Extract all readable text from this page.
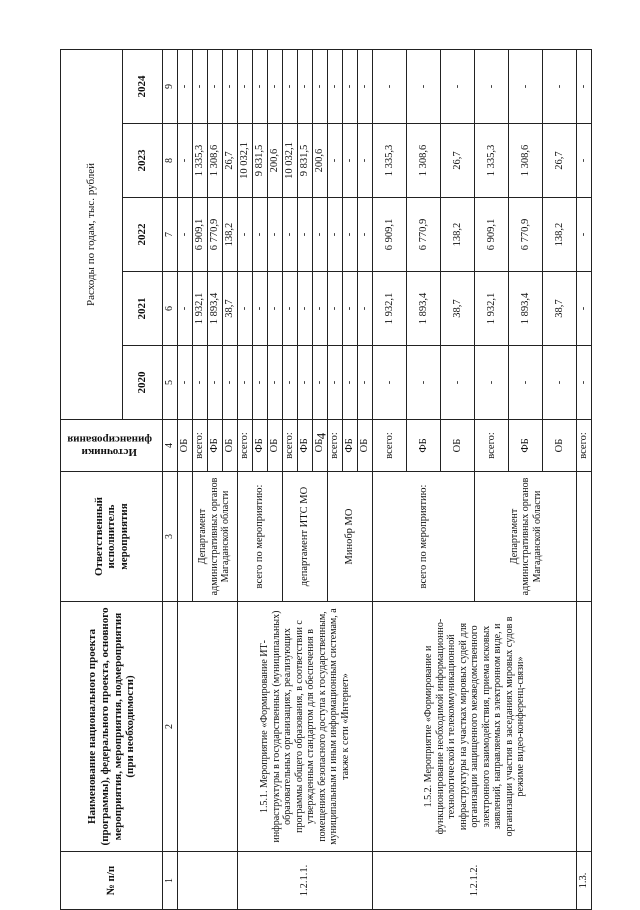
4
№ п/п	Наименование национального проекта (программы), федерального проекта, основного мероприятия, мероприятия, подмероприятия (при необходимости)	Ответственный исполнитель мероприятия	Источники финансирования	Расходы по годам, тыс. рублей				
				2020	2021	2022	2023	2024
1	2	3	4	5	6	7	8	9
			ОБ	-	-	-	-	-
		Департамент административных органов Магаданской области	всего:	-	1 932,1	6 909,1	1 335,3	-
			ФБ	-	1 893,4	6 770,9	1 308,6	-
			ОБ	-	38,7	138,2	26,7	-
1.2.1.1.	1.5.1. Мероприятие «Формирование ИТ-инфраструктуры в государственных (муниципальных) образовательных организациях, реализующих программы общего образования, в соответствии с утвержденным стандартом для обеспечения в помещениях безопасного доступа к государственным, муниципальным и иным информационным системам, а также к сети «Интернет»	всего по мероприятию:	всего:	-	-	-	10 032,1	-
			ФБ	-	-	-	9 831,5	-
			ОБ	-	-	-	200,6	-
		департамент ИТС МО	всего:	-	-	-	10 032,1	-
			ФБ	-	-	-	9 831,5	-
			ОБ	-	-	-	200,6	-
		Минобр МО	всего:	-	-	-	-	-
			ФБ	-	-	-	-	-
			ОБ	-	-	-	-	-
1.2.1.2.	1.5.2. Мероприятие «Формирование и функционирование необходимой информационно-технологической и телекоммуникационной инфраструктуры на участках мировых судей для организации защищенного межведомственного электронного взаимодействия, приема исковых заявлений, направляемых в электронном виде, и организации участия в заседаниях мировых судов в режиме видео-конференц-связи»	всего по мероприятию:	всего:	-	1 932,1	6 909,1	1 335,3	-
			ФБ	-	1 893,4	6 770,9	1 308,6	-
			ОБ	-	38,7	138,2	26,7	-
		Департамент административных органов Магаданской области	всего:	-	1 932,1	6 909,1	1 335,3	-
			ФБ	-	1 893,4	6 770,9	1 308,6	-
			ОБ	-	38,7	138,2	26,7	-
1.3.			всего:	-	-	-	-	-
